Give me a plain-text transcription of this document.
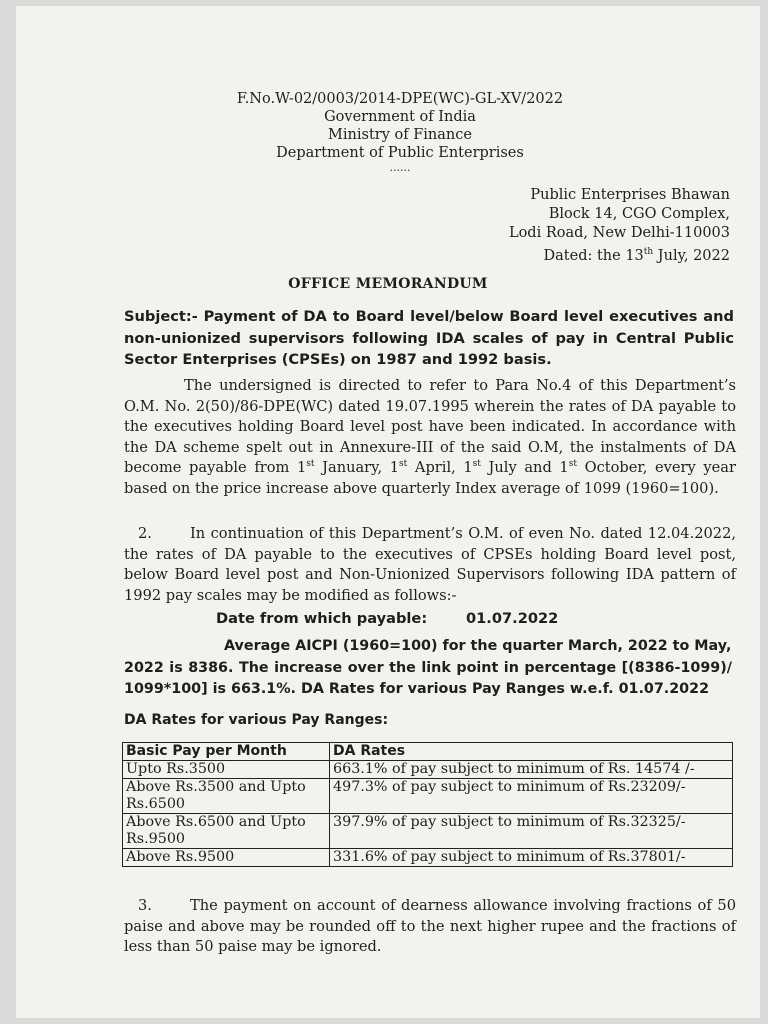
F.No.W-02/0003/2014-DPE(WC)-GL-XV/2022
Government of India
Ministry of Finance
Department of Public Enterprises
......
Public Enterprises Bhawan
Block 14, CGO Complex,
Lodi Road, New Delhi-110003
Dated: the 13th July, 2022
OFFICE MEMORANDUM
Subject:- Payment of DA to Board level/below Board level executives and non-unionized supervisors following IDA scales of pay in Central Public Sector Enterprises (CPSEs) on 1987 and 1992 basis.
The undersigned is directed to refer to Para No.4 of this Department’s O.M. No. 2(50)/86-DPE(WC) dated 19.07.1995 wherein the rates of DA payable to the executives holding Board level post have been indicated. In accordance with the DA scheme spelt out in Annexure-III of the said O.M, the instalments of DA become payable from 1st January, 1st April, 1st July and 1st October, every year based on the price increase above quarterly Index average of 1099 (1960=100).
2.	In continuation of this Department’s O.M. of even No. dated 12.04.2022, the rates of DA payable to the executives of CPSEs holding Board level post, below Board level post and Non-Unionized Supervisors following IDA pattern of 1992 pay scales may be modified as follows:-
Date from which payable:	01.07.2022
Average AICPI (1960=100) for the quarter March, 2022 to May,
2022 is 8386. The increase over the link point in percentage [(8386-1099)/ 1099*100] is 663.1%. DA Rates for various Pay Ranges w.e.f. 01.07.2022
DA Rates for various Pay Ranges:
Basic Pay per Month	DA Rates
Upto Rs.3500	663.1% of pay subject to minimum of Rs. 14574 /-
Above Rs.3500 and Upto Rs.6500	497.3% of pay subject to minimum of Rs.23209/-
Above Rs.6500 and Upto Rs.9500	397.9% of pay subject to minimum of Rs.32325/-
Above Rs.9500	331.6% of pay subject to minimum of Rs.37801/-
3.	The payment on account of dearness allowance involving fractions of 50 paise and above may be rounded off to the next higher rupee and the fractions of less than 50 paise may be ignored.
